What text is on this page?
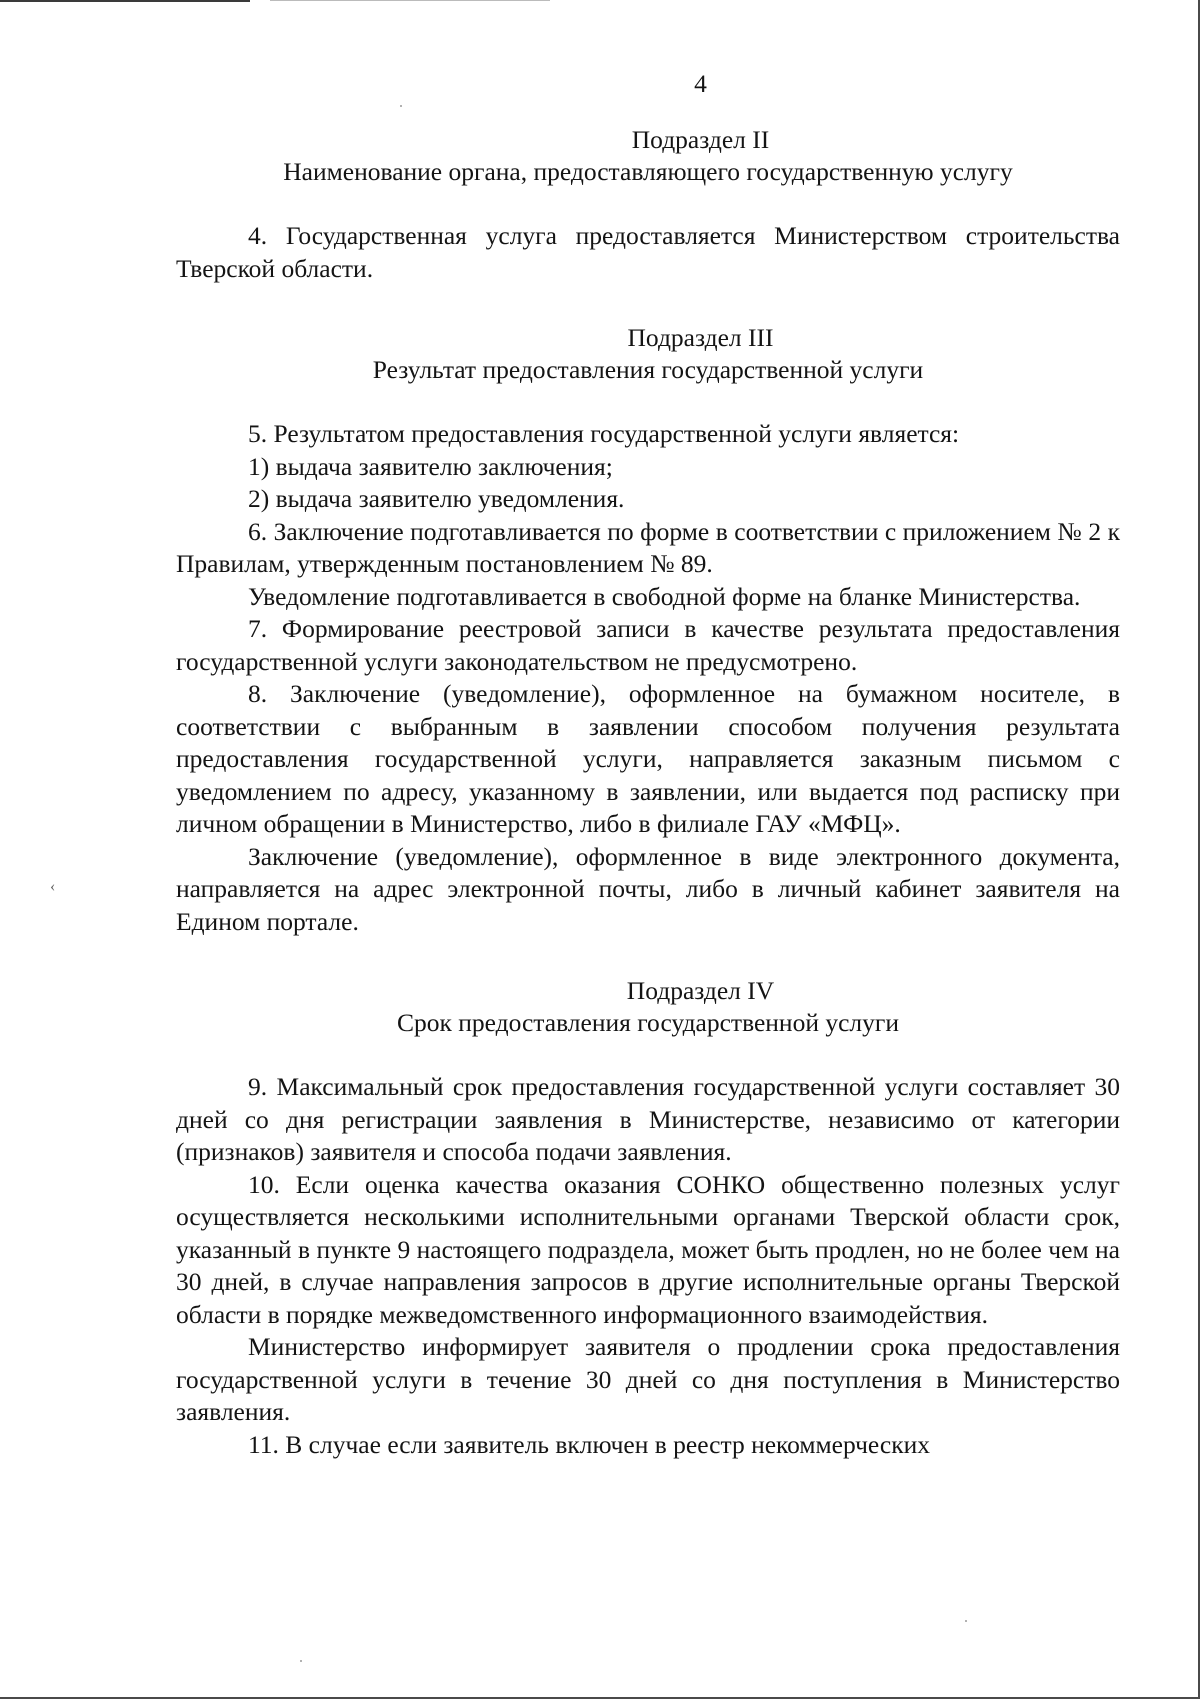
‹
4
Подраздел II
Наименование органа, предоставляющего государственную услугу

4. Государственная услуга предоставляется Министерством строительства Тверской области.

Подраздел III
Результат предоставления государственной услуги

5. Результатом предоставления государственной услуги является:

1) выдача заявителю заключения;

2) выдача заявителю уведомления.

6. Заключение подготавливается по форме в соответствии с приложением № 2 к Правилам, утвержденным постановлением № 89.

Уведомление подготавливается в свободной форме на бланке Министерства.

7. Формирование реестровой записи в качестве результата предоставления государственной услуги законодательством не предусмотрено.

8. Заключение (уведомление), оформленное на бумажном носителе, в соответствии с выбранным в заявлении способом получения результата предоставления государственной услуги, направляется заказным письмом с уведомлением по адресу, указанному в заявлении, или выдается под расписку при личном обращении в Министерство, либо в филиале ГАУ «МФЦ».

Заключение (уведомление), оформленное в виде электронного документа, направляется на адрес электронной почты, либо в личный кабинет заявителя на Едином портале.

Подраздел IV
Срок предоставления государственной услуги

9. Максимальный срок предоставления государственной услуги составляет 30 дней со дня регистрации заявления в Министерстве, независимо от категории (признаков) заявителя и способа подачи заявления.

10. Если оценка качества оказания СОНКО общественно полезных услуг осуществляется несколькими исполнительными органами Тверской области срок, указанный в пункте 9 настоящего подраздела, может быть продлен, но не более чем на 30 дней, в случае направления запросов в другие исполнительные органы Тверской области в порядке межведомственного информационного взаимодействия.

Министерство информирует заявителя о продлении срока предоставления государственной услуги в течение 30 дней со дня поступления в Министерство заявления.

11. В случае если заявитель включен в реестр некоммерческих
